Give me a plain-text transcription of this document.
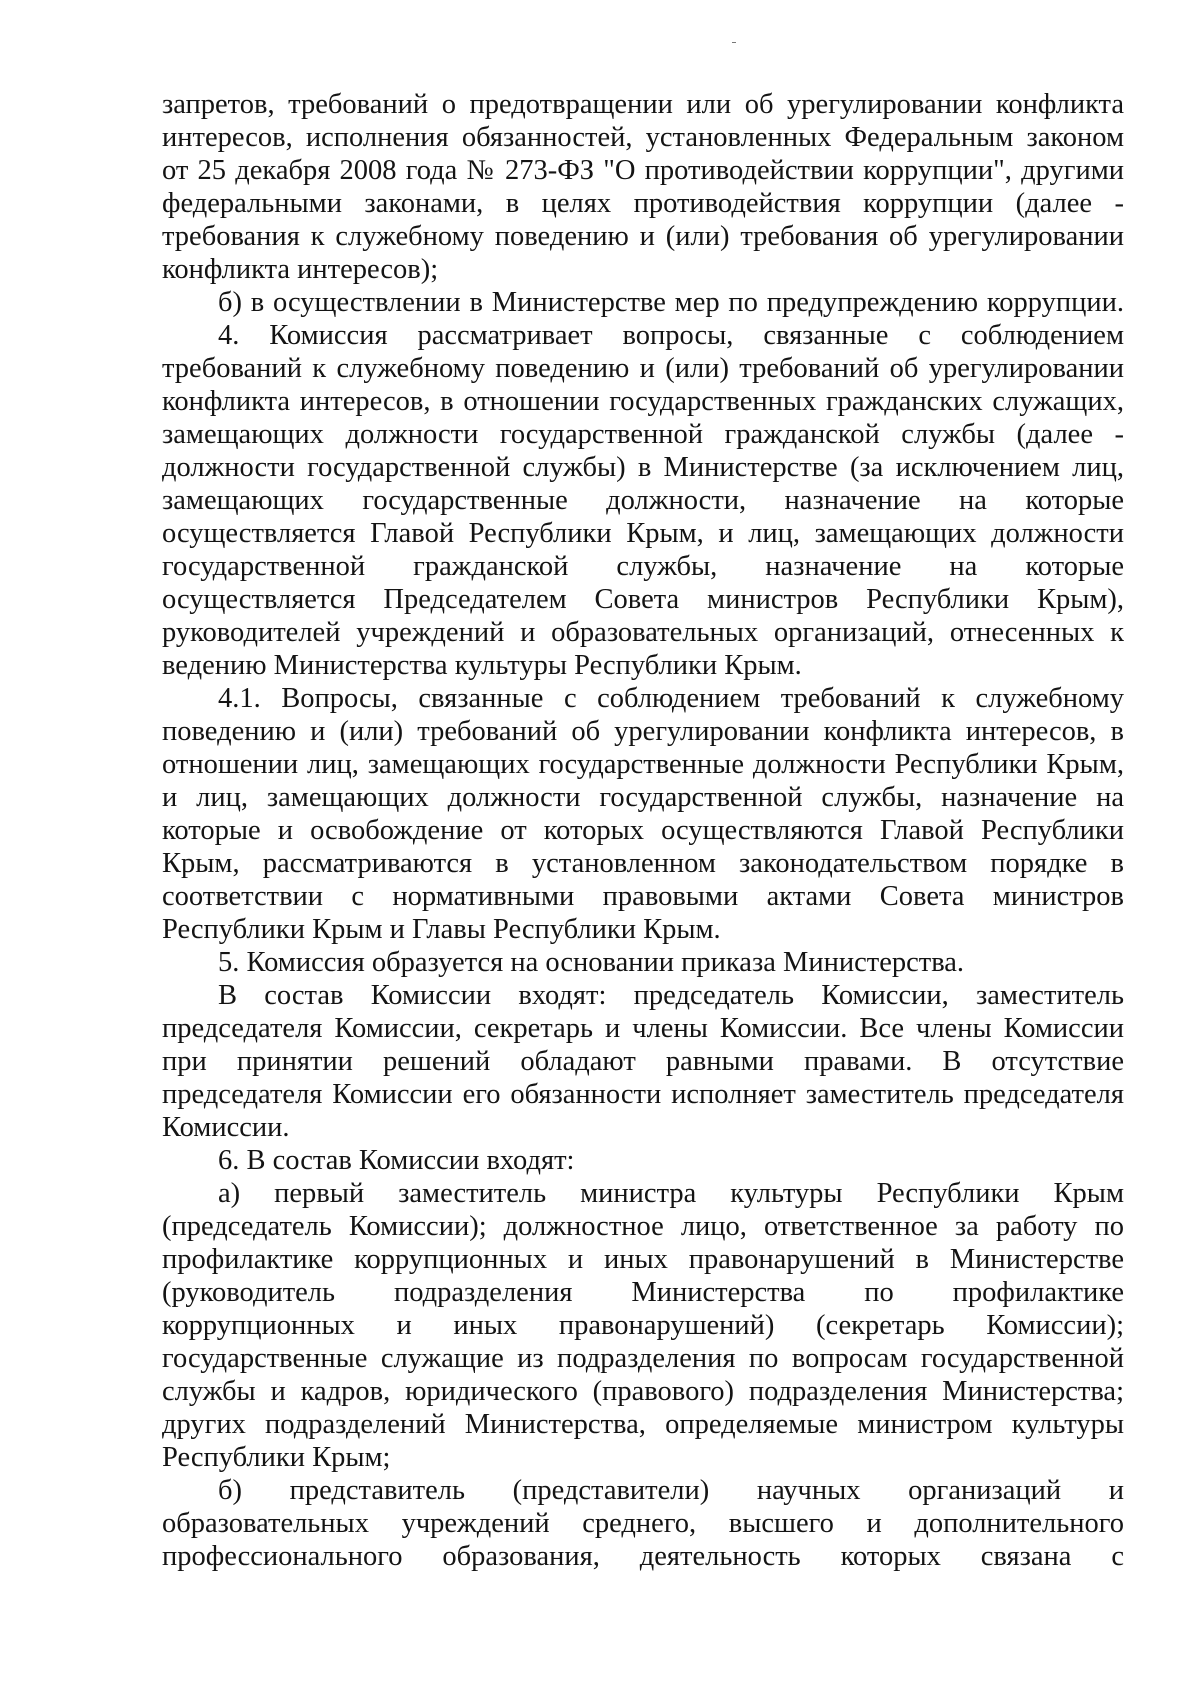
запретов, требований о предотвращении или об урегулировании конфликта
интересов, исполнения обязанностей, установленных Федеральным законом
от 25 декабря 2008 года № 273-ФЗ "О противодействии коррупции", другими
федеральными законами, в целях противодействия коррупции (далее -
требования к служебному поведению и (или) требования об урегулировании
конфликта интересов);
б) в осуществлении в Министерстве мер по предупреждению коррупции.
4. Комиссия рассматривает вопросы, связанные с соблюдением
требований к служебному поведению и (или) требований об урегулировании
конфликта интересов, в отношении государственных гражданских служащих,
замещающих должности государственной гражданской службы (далее -
должности государственной службы) в Министерстве (за исключением лиц,
замещающих государственные должности, назначение на которые
осуществляется Главой Республики Крым, и лиц, замещающих должности
государственной гражданской службы, назначение на которые
осуществляется Председателем Совета министров Республики Крым),
руководителей учреждений и образовательных организаций, отнесенных к
ведению Министерства культуры Республики Крым.
4.1. Вопросы, связанные с соблюдением требований к служебному
поведению и (или) требований об урегулировании конфликта интересов, в
отношении лиц, замещающих государственные должности Республики Крым,
и лиц, замещающих должности государственной службы, назначение на
которые и освобождение от которых осуществляются Главой Республики
Крым, рассматриваются в установленном законодательством порядке в
соответствии с нормативными правовыми актами Совета министров
Республики Крым и Главы Республики Крым.
5. Комиссия образуется на основании приказа Министерства.
В состав Комиссии входят: председатель Комиссии, заместитель
председателя Комиссии, секретарь и члены Комиссии. Все члены Комиссии
при принятии решений обладают равными правами. В отсутствие
председателя Комиссии его обязанности исполняет заместитель председателя
Комиссии.
6. В состав Комиссии входят:
а) первый заместитель министра культуры Республики Крым
(председатель Комиссии); должностное лицо, ответственное за работу по
профилактике коррупционных и иных правонарушений в Министерстве
(руководитель подразделения Министерства по профилактике
коррупционных и иных правонарушений) (секретарь Комиссии);
государственные служащие из подразделения по вопросам государственной
службы и кадров, юридического (правового) подразделения Министерства;
других подразделений Министерства, определяемые министром культуры
Республики Крым;
б) представитель (представители) научных организаций и
образовательных учреждений среднего, высшего и дополнительного
профессионального образования, деятельность которых связана с
